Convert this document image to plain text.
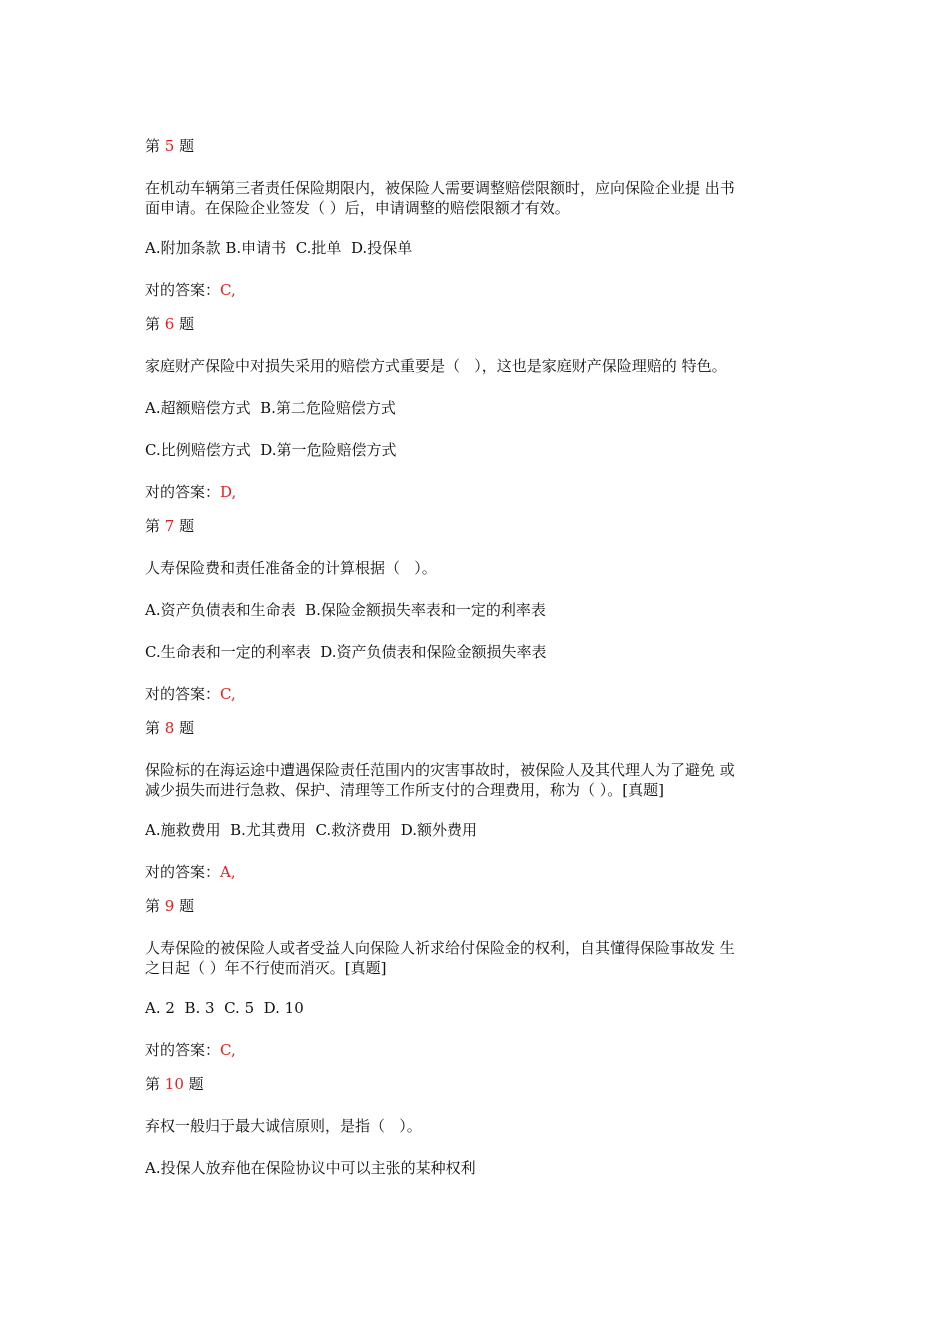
第 5 题

在机动车辆第三者责任保险期限内，被保险人需要调整赔偿限额时，应向保险企业提 出书

面申请。在保险企业签发（ ）后，申请调整的赔偿限额才有效。

A.附加条款 B.申请书  C.批单  D.投保单

对的答案：C,

第 6 题

家庭财产保险中对损失采用的赔偿方式重要是（   ），这也是家庭财产保险理赔的 特色。

A.超额赔偿方式  B.第二危险赔偿方式

C.比例赔偿方式  D.第一危险赔偿方式

对的答案：D,

第 7 题

人寿保险费和责任准备金的计算根据（   ）。

A.资产负债表和生命表  B.保险金额损失率表和一定的利率表

C.生命表和一定的利率表  D.资产负债表和保险金额损失率表

对的答案：C,

第 8 题

保险标的在海运途中遭遇保险责任范围内的灾害事故时，被保险人及其代理人为了避免 或

减少损失而进行急救、保护、清理等工作所支付的合理费用，称为（ ）。[真题]

A.施救费用  B.尤其费用  C.救济费用  D.额外费用

对的答案：A,

第 9 题

人寿保险的被保险人或者受益人向保险人祈求给付保险金的权利，自其懂得保险事故发 生

之日起（ ）年不行使而消灭。[真题]

A. 2  B. 3  C. 5  D. 10

对的答案：C,

第 10 题

弃权一般归于最大诚信原则，是指（   ）。

A.投保人放弃他在保险协议中可以主张的某种权利
